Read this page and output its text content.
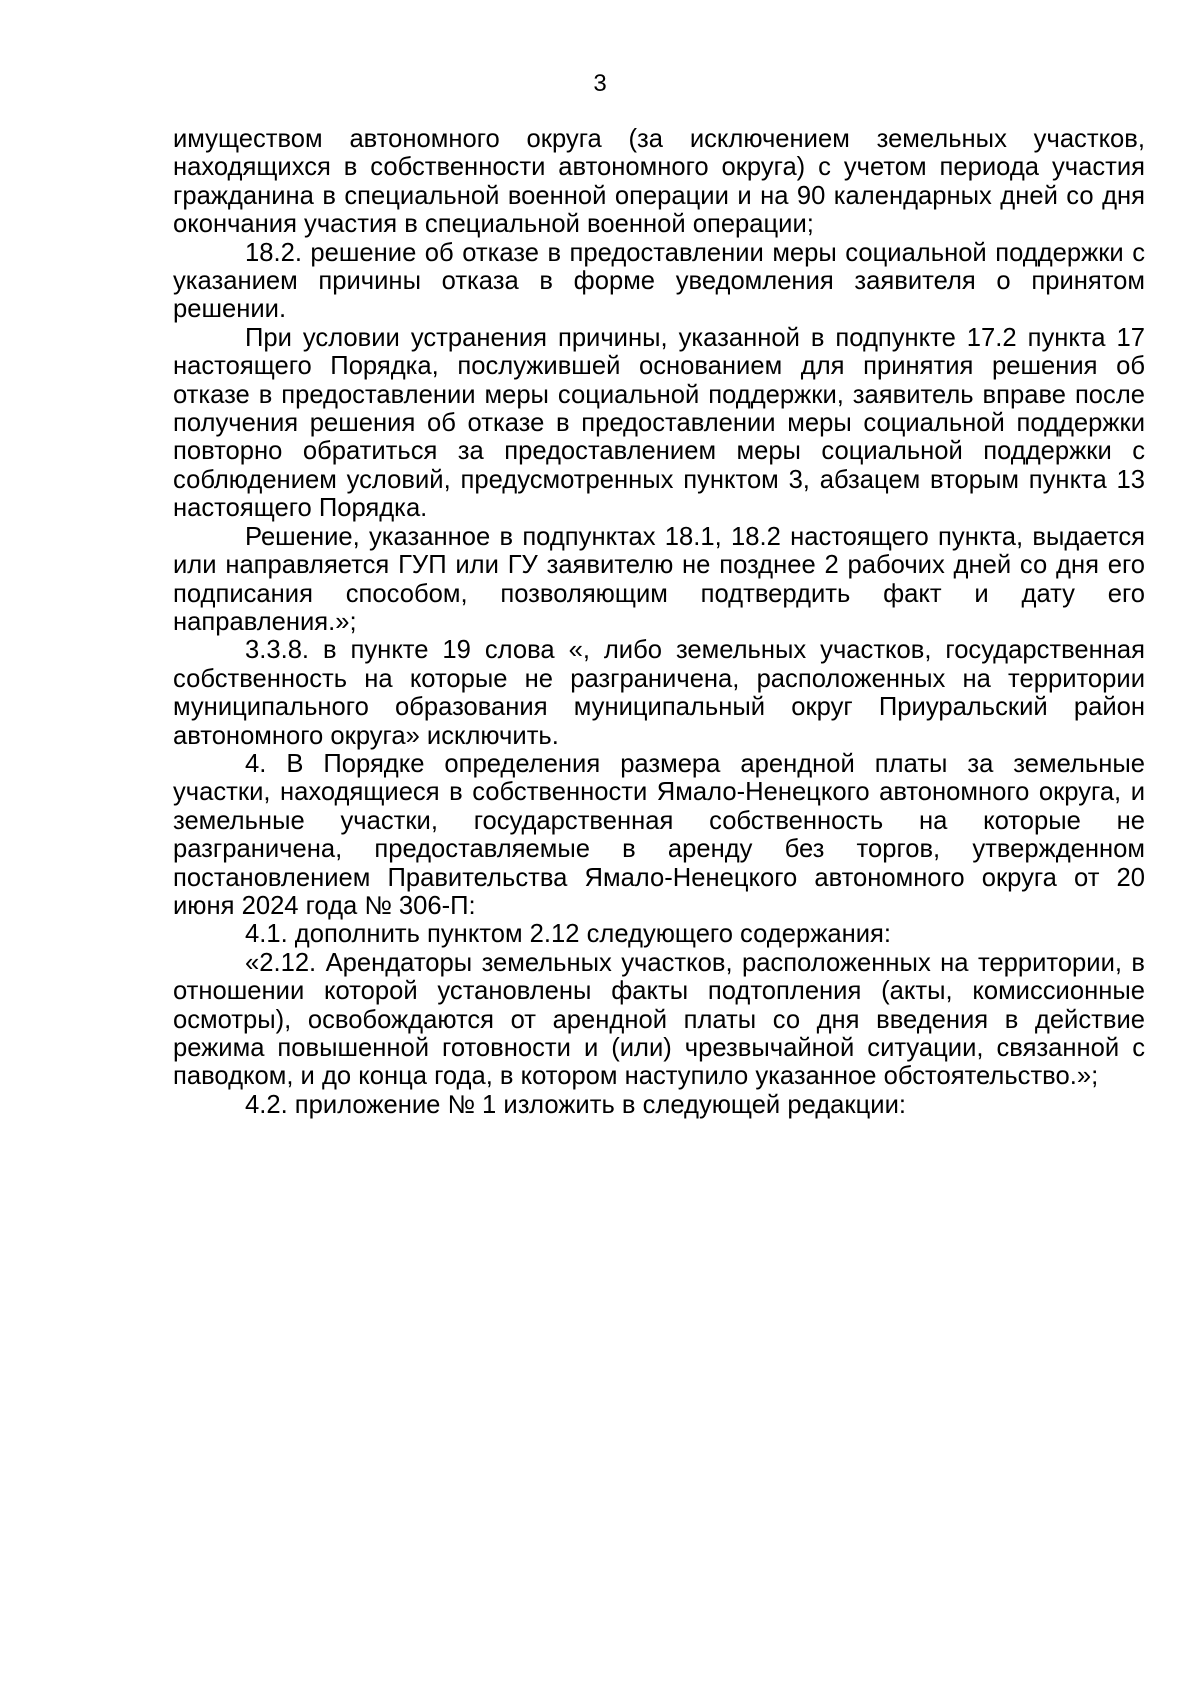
3

имуществом автономного округа (за исключением земельных участков, находящихся в собственности автономного округа) с учетом периода участия гражданина в специальной военной операции и на 90 календарных дней со дня окончания участия в специальной военной операции;

18.2. решение об отказе в предоставлении меры социальной поддержки с указанием причины отказа в форме уведомления заявителя о принятом решении.

При условии устранения причины, указанной в подпункте 17.2 пункта 17 настоящего Порядка, послужившей основанием для принятия решения об отказе в предоставлении меры социальной поддержки, заявитель вправе после получения решения об отказе в предоставлении меры социальной поддержки повторно обратиться за предоставлением меры социальной поддержки с соблюдением условий, предусмотренных пунктом 3, абзацем вторым пункта 13 настоящего Порядка.

Решение, указанное в подпунктах 18.1, 18.2 настоящего пункта, выдается или направляется ГУП или ГУ заявителю не позднее 2 рабочих дней со дня его подписания способом, позволяющим подтвердить факт и дату его направления.»;

3.3.8. в пункте 19 слова «, либо земельных участков, государственная собственность на которые не разграничена, расположенных на территории муниципального образования муниципальный округ Приуральский район автономного округа» исключить.

4. В Порядке определения размера арендной платы за земельные участки, находящиеся в собственности Ямало-Ненецкого автономного округа, и земельные участки, государственная собственность на которые не разграничена, предоставляемые в аренду без торгов, утвержденном постановлением Правительства Ямало-Ненецкого автономного округа от 20 июня 2024 года № 306-П:

4.1. дополнить пунктом 2.12 следующего содержания:

«2.12. Арендаторы земельных участков, расположенных на территории, в отношении которой установлены факты подтопления (акты, комиссионные осмотры), освобождаются от арендной платы со дня введения в действие режима повышенной готовности и (или) чрезвычайной ситуации, связанной с паводком, и до конца года, в котором наступило указанное обстоятельство.»;

4.2. приложение № 1 изложить в следующей редакции:
